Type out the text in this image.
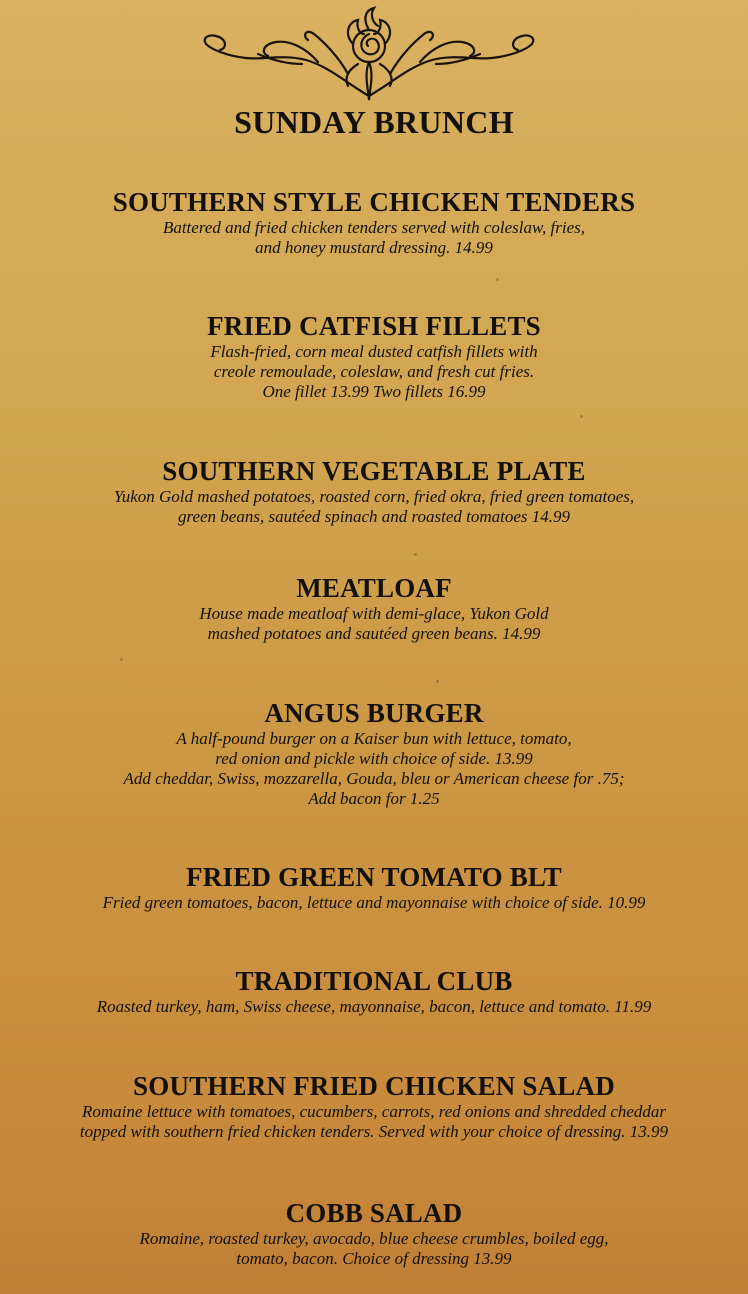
SUNDAY BRUNCH
SOUTHERN STYLE CHICKEN TENDERS

Battered and fried chicken tenders served with coleslaw, fries,
and honey mustard dressing. 14.99

FRIED CATFISH FILLETS

Flash-fried, corn meal dusted catfish fillets with
creole remoulade, coleslaw, and fresh cut fries.
One fillet 13.99 Two fillets 16.99

SOUTHERN VEGETABLE PLATE

Yukon Gold mashed potatoes, roasted corn, fried okra, fried green tomatoes,
green beans, sautéed spinach and roasted tomatoes 14.99

MEATLOAF

House made meatloaf with demi-glace, Yukon Gold
mashed potatoes and sautéed green beans. 14.99

ANGUS BURGER

A half-pound burger on a Kaiser bun with lettuce, tomato,
red onion and pickle with choice of side. 13.99
Add cheddar, Swiss, mozzarella, Gouda, bleu or American cheese for .75;
Add bacon for 1.25

FRIED GREEN TOMATO BLT

Fried green tomatoes, bacon, lettuce and mayonnaise with choice of side. 10.99

TRADITIONAL CLUB

Roasted turkey, ham, Swiss cheese, mayonnaise, bacon, lettuce and tomato. 11.99

SOUTHERN FRIED CHICKEN SALAD

Romaine lettuce with tomatoes, cucumbers, carrots, red onions and shredded cheddar
topped with southern fried chicken tenders. Served with your choice of dressing. 13.99

COBB SALAD

Romaine, roasted turkey, avocado, blue cheese crumbles, boiled egg,
tomato, bacon. Choice of dressing 13.99
